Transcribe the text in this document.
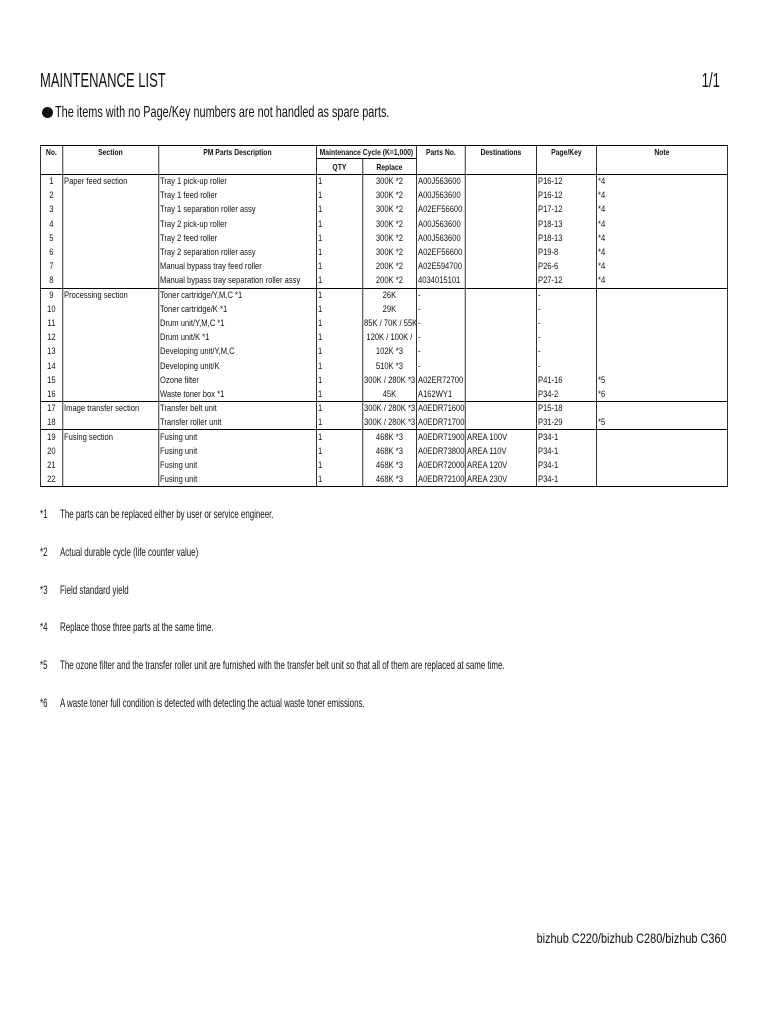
MAINTENANCE LIST	1/1
The items with no Page/Key numbers are not handled as spare parts.
No.	Section	PM Parts Description	Maintenance Cycle (K=1,000)		Parts No.	Destinations	Page/Key	Note
			QTY	Replace				
1	Paper feed section	Tray 1 pick-up roller	1	300K *2	A00J563600		P16-12	*4
2		Tray 1 feed roller	1	300K *2	A00J563600		P16-12	*4
3		Tray 1 separation roller assy	1	300K *2	A02EF56600		P17-12	*4
4		Tray 2 pick-up roller	1	300K *2	A00J563600		P18-13	*4
5		Tray 2 feed roller	1	300K *2	A00J563600		P18-13	*4
6		Tray 2 separation roller assy	1	300K *2	A02EF56600		P19-8	*4
7		Manual bypass tray feed roller	1	200K *2	A02E594700		P26-6	*4
8		Manual bypass tray separation roller assy	1	200K *2	4034015101		P27-12	*4
9	Processing section	Toner cartridge/Y,M,C *1	1	26K	-		-	
10		Toner cartridge/K *1	1	29K	-		-	
11		Drum unit/Y,M,C *1	1	85K / 70K / 55K	-		-	
12		Drum unit/K *1	1	120K / 100K /	-		-	
13		Developing unit/Y,M,C	1	102K *3	-		-	
14		Developing unit/K	1	510K *3	-		-	
15		Ozone filter	1	300K / 280K *3	A02ER72700		P41-16	*5
16		Waste toner box *1	1	45K	A162WY1		P34-2	*6
17	Image transfer section	Transfer belt unit	1	300K / 280K *3	A0EDR71600		P15-18	
18		Transfer roller unit	1	300K / 280K *3	A0EDR71700		P31-29	*5
19	Fusing section	Fusing unit	1	468K *3	A0EDR71900	AREA 100V	P34-1	
20		Fusing unit	1	468K *3	A0EDR73800	AREA 110V	P34-1	
21		Fusing unit	1	468K *3	A0EDR72000	AREA 120V	P34-1	
22		Fusing unit	1	468K *3	A0EDR72100	AREA 230V	P34-1	
*1 The parts can be replaced either by user or service engineer.
*2 Actual durable cycle (life counter value)
*3 Field standard yield
*4 Replace those three parts at the same time.
*5 The ozone filter and the transfer roller unit are furnished with the transfer belt unit so that all of them are replaced at same time.
*6 A waste toner full condition is detected with detecting the actual waste toner emissions.
bizhub C220/bizhub C280/bizhub C360
